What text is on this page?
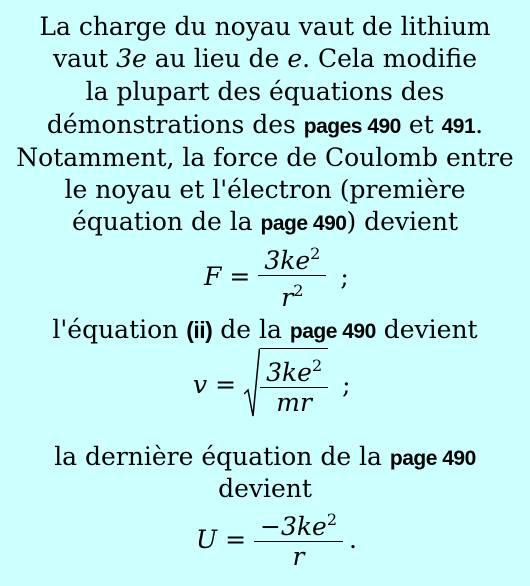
La charge du noyau vaut de lithium
vaut 3e au lieu de e. Cela modifie
la plupart des équations des
démonstrations des pages 490 et 491.
Notamment, la force de Coulomb entre
le noyau et l'électron (première
équation de la page 490) devient
$F = \frac{3ke^2}{r^2}$ ;
l'équation (ii) de la page 490 devient
$v = \frac{3ke^2}{mr}$ ;
la dernière équation de la page 490
devient
$U = \frac{-3ke^2}{r}$ .
